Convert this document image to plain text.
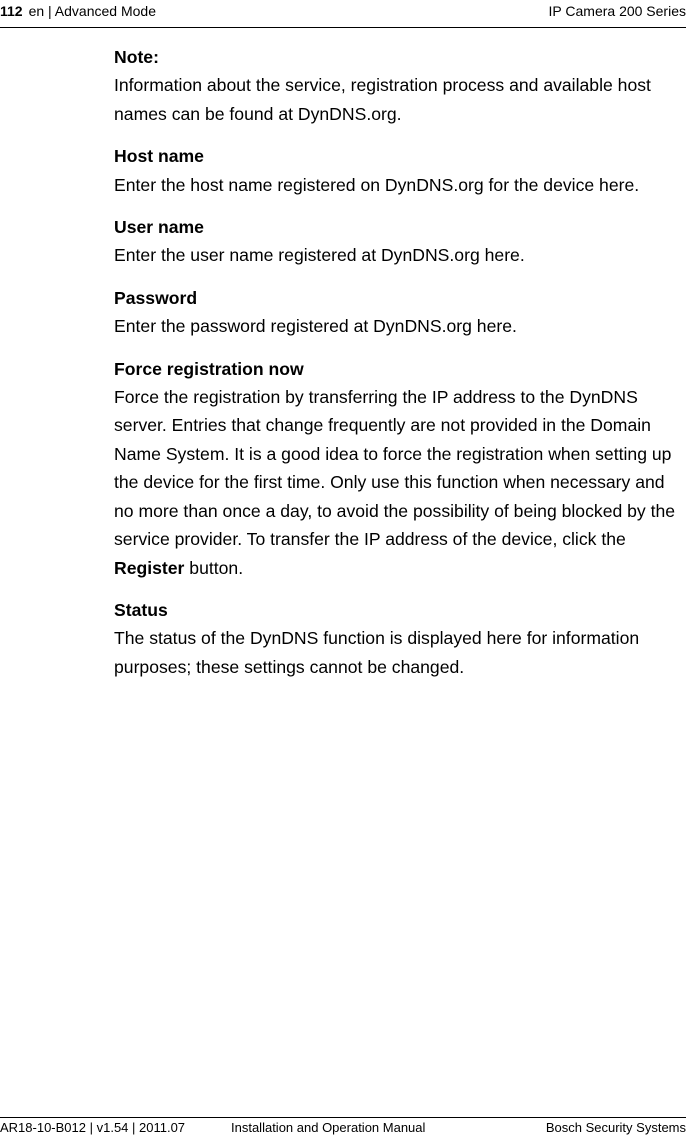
112 en | Advanced Mode	IP Camera 200 Series
Note:

Information about the service, registration process and available host names can be found at DynDNS.org.

Host name

Enter the host name registered on DynDNS.org for the device here.

User name

Enter the user name registered at DynDNS.org here.

Password

Enter the password registered at DynDNS.org here.

Force registration now

Force the registration by transferring the IP address to the DynDNS server. Entries that change frequently are not provided in the Domain Name System. It is a good idea to force the registration when setting up the device for the first time. Only use this function when necessary and no more than once a day, to avoid the possibility of being blocked by the service provider. To transfer the IP address of the device, click the Register button.

Status

The status of the DynDNS function is displayed here for information purposes; these settings cannot be changed.

AR18-10-B012 | v1.54 | 2011.07	Installation and Operation Manual	Bosch Security Systems
